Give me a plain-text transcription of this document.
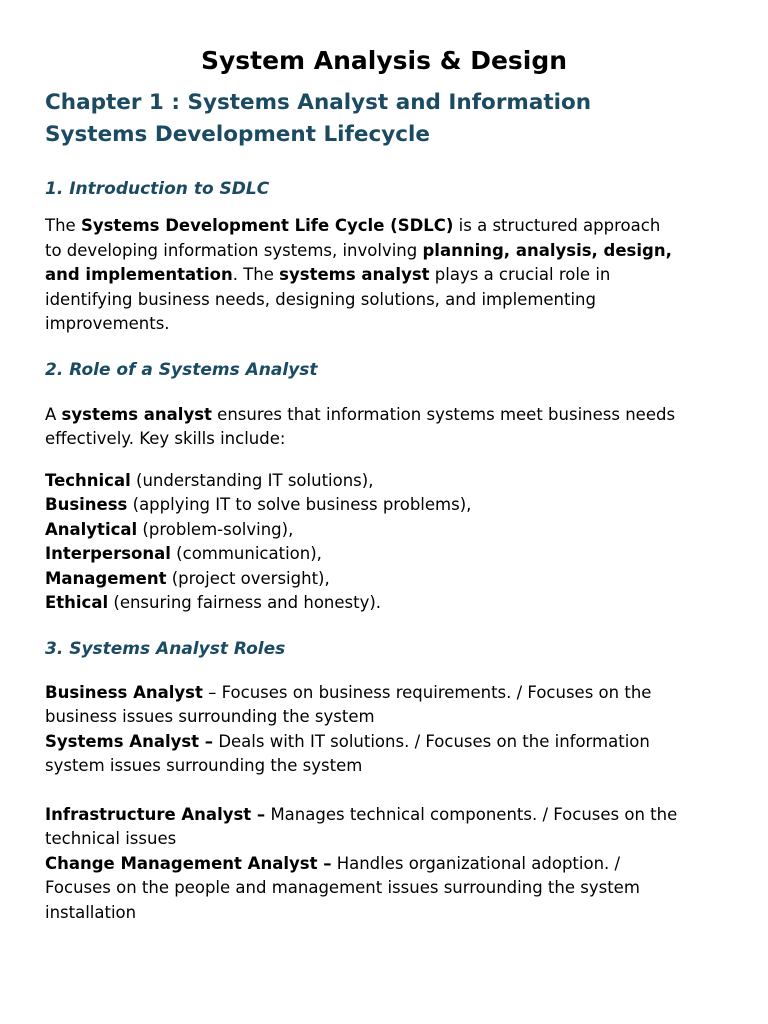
System Analysis & Design
Chapter 1 : Systems Analyst and Information
Systems Development Lifecycle
1. Introduction to SDLC

The Systems Development Life Cycle (SDLC) is a structured approach
to developing information systems, involving planning, analysis, design,
and implementation. The systems analyst plays a crucial role in
identifying business needs, designing solutions, and implementing
improvements.

2. Role of a Systems Analyst

A systems analyst ensures that information systems meet business needs
effectively. Key skills include:

Technical (understanding IT solutions),
Business (applying IT to solve business problems),
Analytical (problem-solving),
Interpersonal (communication),
Management (project oversight),
Ethical (ensuring fairness and honesty).

3. Systems Analyst Roles

Business Analyst – Focuses on business requirements. / Focuses on the
business issues surrounding the system
Systems Analyst – Deals with IT solutions. / Focuses on the information
system issues surrounding the system

Infrastructure Analyst – Manages technical components. / Focuses on the
technical issues
Change Management Analyst – Handles organizational adoption. /
Focuses on the people and management issues surrounding the system
installation
